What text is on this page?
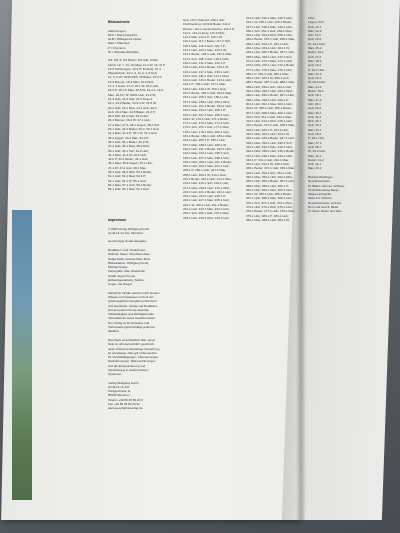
Bildnachweis
Abkürzungen:
DFA = Das Fotoarchiv
HLB = Bildagentur Huber
Maü = Mauritius
P = Premium
W = Wandlandschaften
2/3, 4/5, 6, 8/1 Boder; 9/9 Hub; 9 Mau
12/13, 12, 7, 13, 1/2 Mau; 11-3 W; 13, 11 P
13-3 Schöningen; 13-4 P; 8 Hönig; 12-1
Wanderrhein; 12-2, 3, 11-4, 4, 8 Hub;
12, 5, 6 W; 14/15 DFA; 15 Baker; 16-3 P
16-3 Bonner; 16-4 Mau; 16-5 DFA;
17-1, 2 Holm; 17-3, 18-1 W; 18-2 Hub;
18-3 P; 18-4 F Mau; 18-5 W; 19-4-1, 19-2
Mau; 18-6 P, W; 20/21 Hub; 21-2 W;
21-3 Hub; 21-4 Hub; 21-5 Fegert;
22-1, 22-2 Boder; 22-3-4 W; 22-5 W;
23-1 Hub; 23-2 Mau; 24-1 Hub; 23-3
Hub; 23-4 Mau; 24-5 Baker; 24-6 P;
25-2 Sch; 25-3 Hub; 25-4 Hub;
26-1 Bonner; 26-2 W; 27-1 Hub;
27-2 Mau; 27-3, 28-1 Fegert; 28-2 Sch;
29-1 Hub; 29-2 Boder; 29-3, 30-1 Hub;
31-1 Mau; 31-2 P; 32-1 W; 33-1 Hub;
33-2 Fegert; 34-1 Mau; 34-2 P;
35-1 Hub; 36-1 Boder; 36-2 W;
37-1 Hub; 38-1 Mau; 38-2 DFA;
39-1 Hub; 40-1 Sch; 40-2 Hub;
41-1 Mau; 41-2 W; 42-1 Hub;
42-2 P; 43-1 Boder; 44-1 Hub;
45-1 Mau; 45-2 Fegert; 46-1 Hub;
47-1 W; 47-2 Hub; 48-1 Mau;
49-1 Hub; 49-2 DFA; 50-1 Boder;
51-1 Hub; 52-1 Mau; 52-2 P;
53-1 Hub; 54-1 W; 55-1 Hub;
56-1 Mau; 57-1 Hub; 58-1 Boder;
59-1 Hub; 60-1 Mau; 61-1 Hub;
Impressum
© 2003 Verlag Wolfgang Kunth
GmbH & Co KG, München

Genehmigte Sonderausgabe

Redaktion: Coll. Rudolf Hert,
Wolfram Kauer, Dorothea Haas,
Nadja Keller, Andrea Klein-Reis
Bildredaktion: Wolfgang Kunth,
Michael Kaiser
Kartografie: Max Oberdorfer
Grafik: Ergun Konya
Einbandgestaltung: Sabine
Unger, Ute Rieger
Sämtliche Inhalte wurden nach bestem
Wissen und Gewissen und mit der
größtmöglichen Sorgfalt recherchiert
und bearbeitet. Verlag und Redaktion
können jedoch für die absolute
Vollständigkeit und Richtigkeit aller
Informationen keine Gewähr leisten.
Der Verlag ist für Hinweise und
Verbesserungsvorschläge jederzeit
dankbar.

Das Werk einschließlich aller seiner
Teile ist urheberrechtlich geschützt.
Jede urheberrechtswidrige Verwertung
ist unzulässig. Dies gilt insbesondere
für Vervielfältigungen, Übersetzungen,
Nachahmungen, Mikroverfilmungen
und die Einspeicherung und
Verarbeitung in elektronischen
Systemen.
Verlag Wolfgang Kunth
GmbH & Co KG
Königinstraße 11
80539 München
Telefon +49 89 45 80 20 0
Fax +49 89 45 80 20 21
www.geographieverlag.de
Hub; 107-1 Diebold; 108-1 Sch;
Fischbecking; 110/111 Boder; 111-3
Bonner; 112-1 Heckenbücher; 112-2 P;
113-1, 113-2 Hönig; 113-3 DFA;
114-1 Mau; 114-2 P; 115-1 W;
116-1 Hub; 117-1 Boder; 117-2 Sch;
118-1 Mau; 119-1 Hub; 120-1 P;
121-1 Hub; 122-1 Mau; 123-1 W;
124-1 Boder; 125-1 Hub; 126-1 Mau;
127-1 Sch; 128-1 Hub; 129-1 DFA;
130-1 Hub; 131-1 Mau; 132-1 P;
133-1 Hub; 134-1 Boder; 135-1 W;
136-1 Hub; 137-1 Mau; 138-1 Hub;
139-1 Sch; 140-1 Hub; 141-1 Mau;
142-1 Hub; 143-1 Boder; 144-1 Hub;
145-1 P; 146-1 Hub; 147-1 Mau;
148-1 Hub; 149-1 W; 150-1 Hub;
151-1 Boder; 152-1 Hub; 153-1 Mau;
154-1 Hub; 155-1 Sch; 156-1 Hub;
157-1 Mau; 158-1 Hub; 159-1 DFA;
160-1 Hub; 161-1 Boder; 162-1 Hub;
163-1 Mau; 164-1 Hub; 165-1 P;
166-1 Hub; 167-1 Mau; 168-1 Hub;
169-1 W; 170-1 Hub; 171-1 Boder;
172-1 Hub; 173-1 Mau; 174-1 Hub;
175-1 Sch; 176-1 Hub; 177-1 Mau;
178-1 Hub; 179-1 DFA; 180-1 Hub;
181-1 Boder; 182-1 Hub; 183-1 Mau;
184-1 Hub; 185-1 P; 186-1 Hub;
187-1 Mau; 188-1 Hub; 189-1 W;
190-1 Hub; 191-1 Boder; 192-1 Hub;
193-1 Mau; 194-1 Hub; 195-1 Sch;
196-1 Hub; 197-1 Mau; 198-1 Hub;
199-1 DFA; 200-1 Hub; 201-1 Boder;
202-1 Hub; 203-1 Mau; 204-1 Hub;
205-1 P; 206-1 Hub; 207-1 Mau;
208-1 Hub; 209-1 W; 210-1 Hub;
211-1 Boder; 212-1 Hub; 213-1 Mau;
214-1 Hub; 215-1 Sch; 216-1 Hub;
217-1 Mau; 218-1 Hub; 219-1 DFA;
220-1 Hub; 221-1 Boder; 222-1 Hub;
223-1 Mau; 224-1 Hub; 225-1 P;
226-1 Hub; 227-1 Mau; 228-1 Hub;
229-1 W; 230-1 Hub; 231-1 Boder;
232-1 Hub; 233-1 Mau; 234-1 Hub;
235-1 Sch; 236-1 Hub; 237-1 Mau;
238-1 Hub; 239-1 DFA; 240-1 Hub;
241-1 Hub; 242-1 Mau; 243-1 Hub;
244-1 W; 245-1 Hub; 246-1 Boder;
247-1 Hub; 248-1 Mau; 249-1 Hub;
250-1 Sch; 251-1 Hub; 252-1 Mau;
253-1 Hub; 254-1 DFA; 255-1 Hub;
256-1 Boder; 257-1 Hub; 258-1 Mau;
259-1 Hub; 260-1 P; 261-1 Hub;
262-1 Mau; 263-1 Hub; 264-1 W;
265-1 Hub; 266-1 Boder; 267-1 Hub;
268-1 Mau; 269-1 Hub; 270-1 Sch;
271-1 Hub; 272-1 Mau; 273-1 Hub;
274-1 DFA; 275-1 Hub; 276-1 Boder;
277-1 Hub; 278-1 Mau; 279-1 Hub;
280-1 P; 281-1 Hub; 282-1 Mau;
283-1 Hub; 284-1 W; 285-1 Hub;
286-1 Boder; 287-1 Hub; 288-1 Mau;
289-1 Hub; 290-1 Sch; 291-1 Hub;
292-1 Mau; 293-1 Hub; 294-1 DFA;
295-1 Hub; 296-1 Boder; 297-1 Hub;
298-1 Mau; 299-1 Hub; 300-1 P;
301-1 Hub; 302-1 Mau; 303-1 Hub;
304-1 W; 305-1 Hub; 306-1 Boder;
307-1 Hub; 308-1 Mau; 309-1 Hub;
310-1 Sch; 311-1 Hub; 312-1 Mau;
313-1 Hub; 314-1 DFA; 315-1 Hub;
316-1 Boder; 317-1 Hub; 318-1 Mau;
319-1 Hub; 320-1 P; 321-1 Hub;
322-1 Mau; 323-1 Hub; 324-1 W;
325-1 Hub; 326-1 Boder; 327-1 Hub;
328-1 Mau; 329-1 Hub; 330-1 Sch;
331-1 Hub; 332-1 Mau; 333-1 Hub;
334-1 DFA; 335-1 Hub; 336-1 Boder;
337-1 Hub; 338-1 Mau; 339-1 Hub;
340-1 P; 341-1 Hub; 342-1 Mau;
343-1 Hub; 344-1 W; 345-1 Hub;
346-1 Boder; 347-1 Hub; 348-1 Mau;
349-1 Hub; 350-1 Sch; 351-1 Hub;
352-1 Mau; 353-1 Hub; 354-1 DFA;
355-1 Hub; 356-1 Boder; 357-1 Hub;
358-1 Mau; 359-1 Hub; 360-1 P;
361-1 Hub; 362-1 Mau; 363-1 Hub;
364-1 W; 365-1 Hub; 366-1 Boder;
367-1 Hub; 368-1 Mau; 369-1 Hub;
370-1 Sch; 371-1 Hub; 372-1 Mau;
373-1 Hub; 374-1 DFA; 375-1 Hub;
376-1 Boder; 377-1 Hub; 378-1 Mau;
379-1 Hub; 380-1 P; 381-1 Hub;
382-1 Mau; 383-1 Hub; 384-1 W;
ZOO
Fegert, Sch;
Hub; 12-1
Mau; 12-2
Sch; 13-1
Hub; 13-2
W; 14-1 Hub;
Mau; 15-2
Boder; 16-1
Hub; 17-2
Mau; 18-1
Hub; 19-2
P; 20-1 Hub;
Mau; 21-2
Hub; 22-1
W; 23-2 Hub;
Mau; 24-1
Boder; 25-2
Hub; 26-1
Mau; 27-2
Sch; 28-1
Hub; 29-2
Mau; 30-1
Hub; 31-2
DFA; 32-1
Hub; 33-2
Mau; 34-1
Hub; 35-2
P; 36-1 Hub;
Mau; 37-2
Hub; 38-1
W; 39-2 Hub;
Mau; 40-1
Boder; 41-2
Hub; 42-1
Mau; 43-2

Richard Weidinger
Neuschwanstein
Kl. Bilder: Himmel, Schloss,
Churbähneslung Berge,
Allgemeinbegriffe
Seite 6.9: Schloss
Neuschwanstein und der
Dom und Gott 9: Bilder
im Infoar. Raum des Wes.
